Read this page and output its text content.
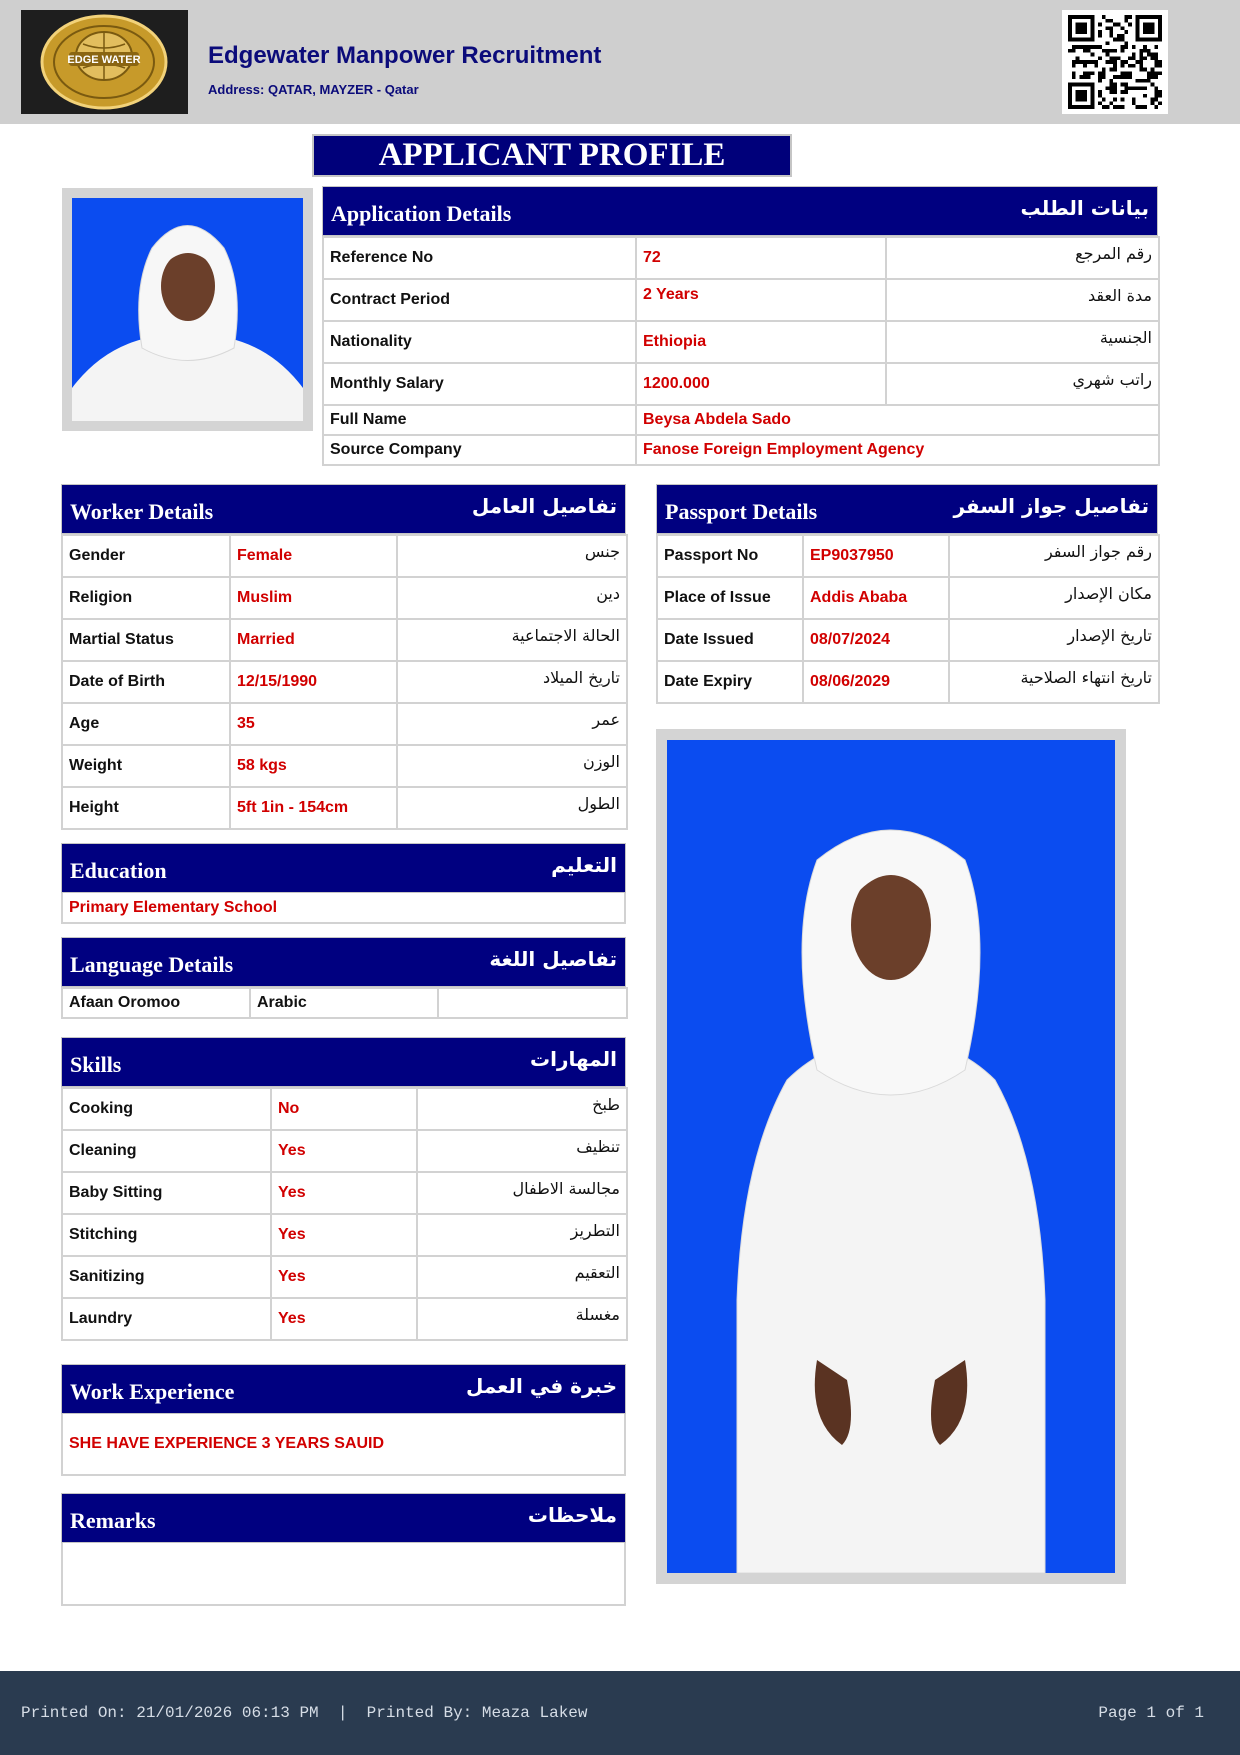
EDGE WATER	Edgewater Manpower Recruitment
Address: QATAR, MAYZER - Qatar
APPLICANT PROFILE
Application Details	بيانات الطلب
Reference No	72	رقم المرجع
Contract Period	2 Years	مدة العقد
Nationality	Ethiopia	الجنسية
Monthly Salary	1200.000	راتب شهري
Full Name	Beysa Abdela Sado	
Source Company	Fanose Foreign Employment Agency	
Worker Details	تفاصيل العامل
Gender	Female	جنس
Religion	Muslim	دين
Martial Status	Married	الحالة الاجتماعية
Date of Birth	12/15/1990	تاريخ الميلاد
Age	35	عمر
Weight	58 kgs	الوزن
Height	5ft 1in - 154cm	الطول
Passport Details	تفاصيل جواز السفر
Passport No	EP9037950	رقم جواز السفر
Place of Issue	Addis Ababa	مكان الإصدار
Date Issued	08/07/2024	تاريخ الإصدار
Date Expiry	08/06/2029	تاريخ انتهاء الصلاحية
Education	التعليم
Primary Elementary School
Language Details	تفاصيل اللغة
Afaan Oromoo	Arabic	
Skills	المهارات
Cooking	No	طبخ
Cleaning	Yes	تنظيف
Baby Sitting	Yes	مجالسة الاطفال
Stitching	Yes	التطريز
Sanitizing	Yes	التعقيم
Laundry	Yes	مغسلة
Work Experience	خبرة في العمل
SHE HAVE EXPERIENCE 3 YEARS SAUID
Remarks	ملاحظات
Printed On: 21/01/2026 06:13 PM  |  Printed By: Meaza Lakew	Page 1 of 1
